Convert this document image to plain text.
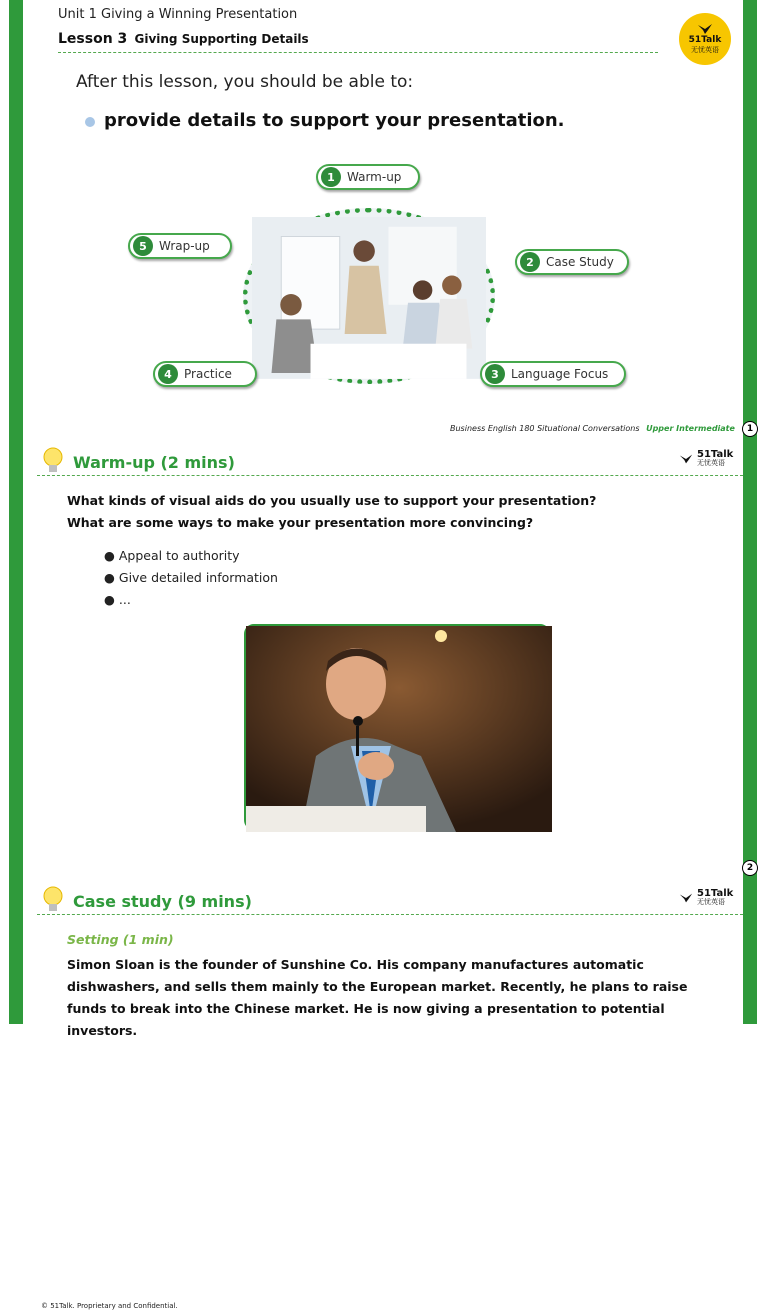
Unit 1 Giving a Winning Presentation
Lesson 3 Giving Supporting Details	51Talk
无忧英语
After this lesson, you should be able to:
provide details to support your presentation.
1	Warm-up
2	Case Study
3	Language Focus
4	Practice
5	Wrap-up
Business English 180 Situational Conversations Upper Intermediate	1
Warm-up (2 mins)	51Talk
无忧英语
What kinds of visual aids do you usually use to support your presentation?
What are some ways to make your presentation more convincing?
● Appeal to authority
● Give detailed information
● ...
© 51Talk. Proprietary and Confidential.
2
Case study (9 mins)	51Talk
无忧英语
Setting (1 min)
Simon Sloan is the founder of Sunshine Co. His company manufactures automatic dishwashers, and sells them mainly to the European market. Recently, he plans to raise funds to break into the Chinese market. He is now giving a presentation to potential investors.
